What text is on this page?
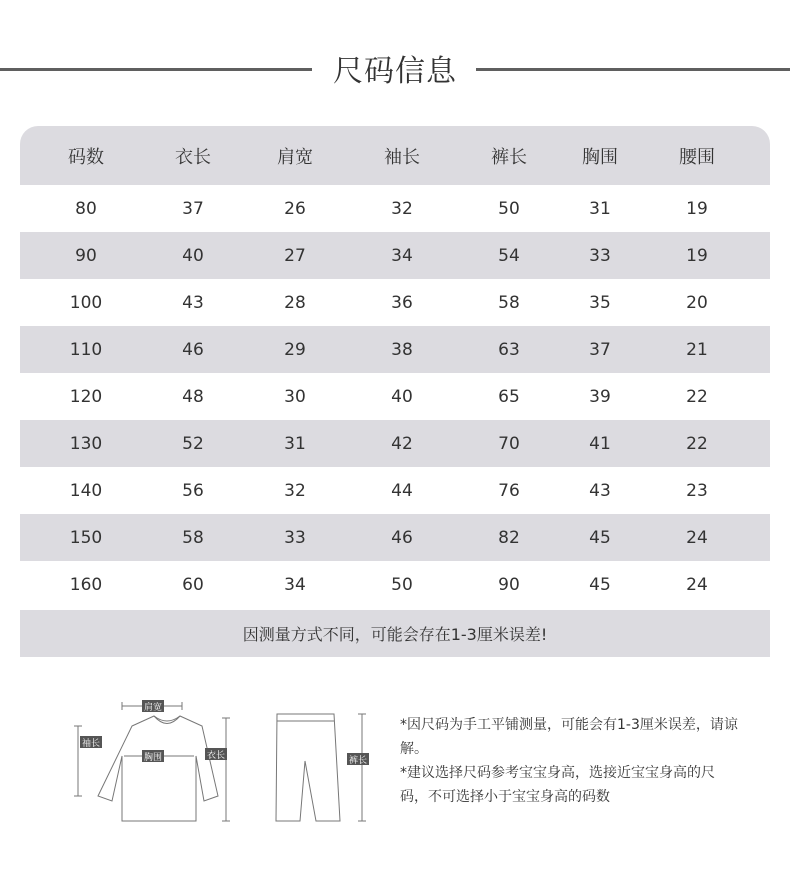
尺码信息
码数	衣长	肩宽	袖长	裤长	胸围	腰围
80	37	26	32	50	31	19
90	40	27	34	54	33	19
100	43	28	36	58	35	20
110	46	29	38	63	37	21
120	48	30	40	65	39	22
130	52	31	42	70	41	22
140	56	32	44	76	43	23
150	58	33	46	82	45	24
160	60	34	50	90	45	24
因测量方式不同，可能会存在1-3厘米误差!
肩宽
袖长
胸围	衣长	裤长
*因尺码为手工平铺测量，可能会有1-3厘米误差，请谅解。
*建议选择尺码参考宝宝身高，选接近宝宝身高的尺码，不可选择小于宝宝身高的码数
